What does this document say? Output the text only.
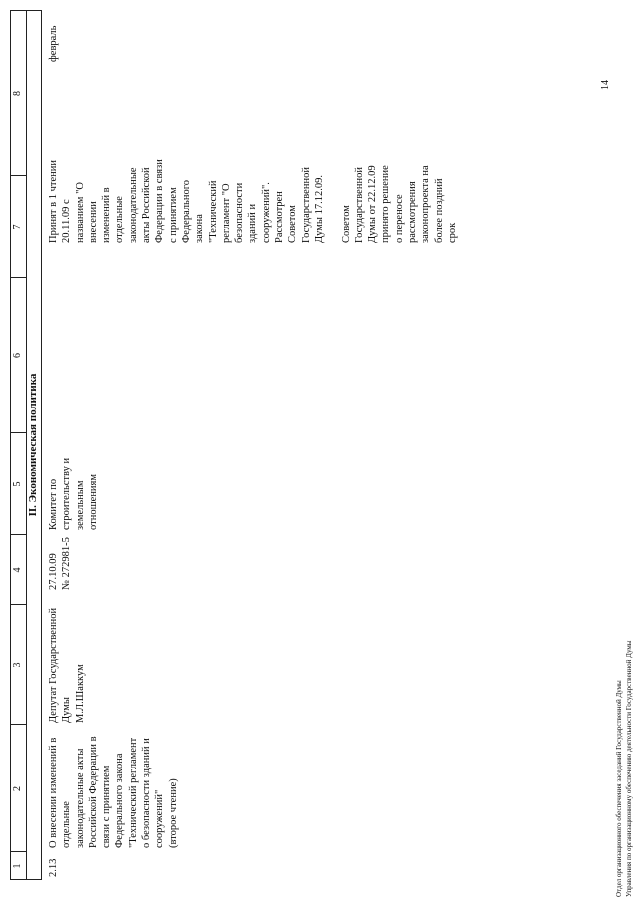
1
2
3
4
5
6
7
8
II. Экономическая политика
2.13
О внесении изменений в
отдельные
законодательные акты
Российской Федерации в
связи с принятием
Федерального закона
"Технический регламент
о безопасности зданий и
сооружений"
(второе чтение)
Депутат Государственной
Думы
М.Л.Шаккум
27.10.09
№ 272981-5
Комитет по
строительству и
земельным
отношениям
Принят в 1 чтении
20.11.09 с
названием "О
внесении
изменений в
отдельные
законодательные
акты Российской
Федерации в связи
с принятием
Федерального
закона
"Технический
регламент "О
безопасности
зданий и
сооружений".
Рассмотрен
Советом
Государственной
Думы 17.12.09.

Советом
Государственной
Думы от 22.12.09
принято решение
о переносе
рассмотрения
законопроекта на
более поздний
срок
февраль
14
Отдел организационного обеспечения заседаний Государственной Думы Управления по организационному обеспечению деятельности Государственной Думы
